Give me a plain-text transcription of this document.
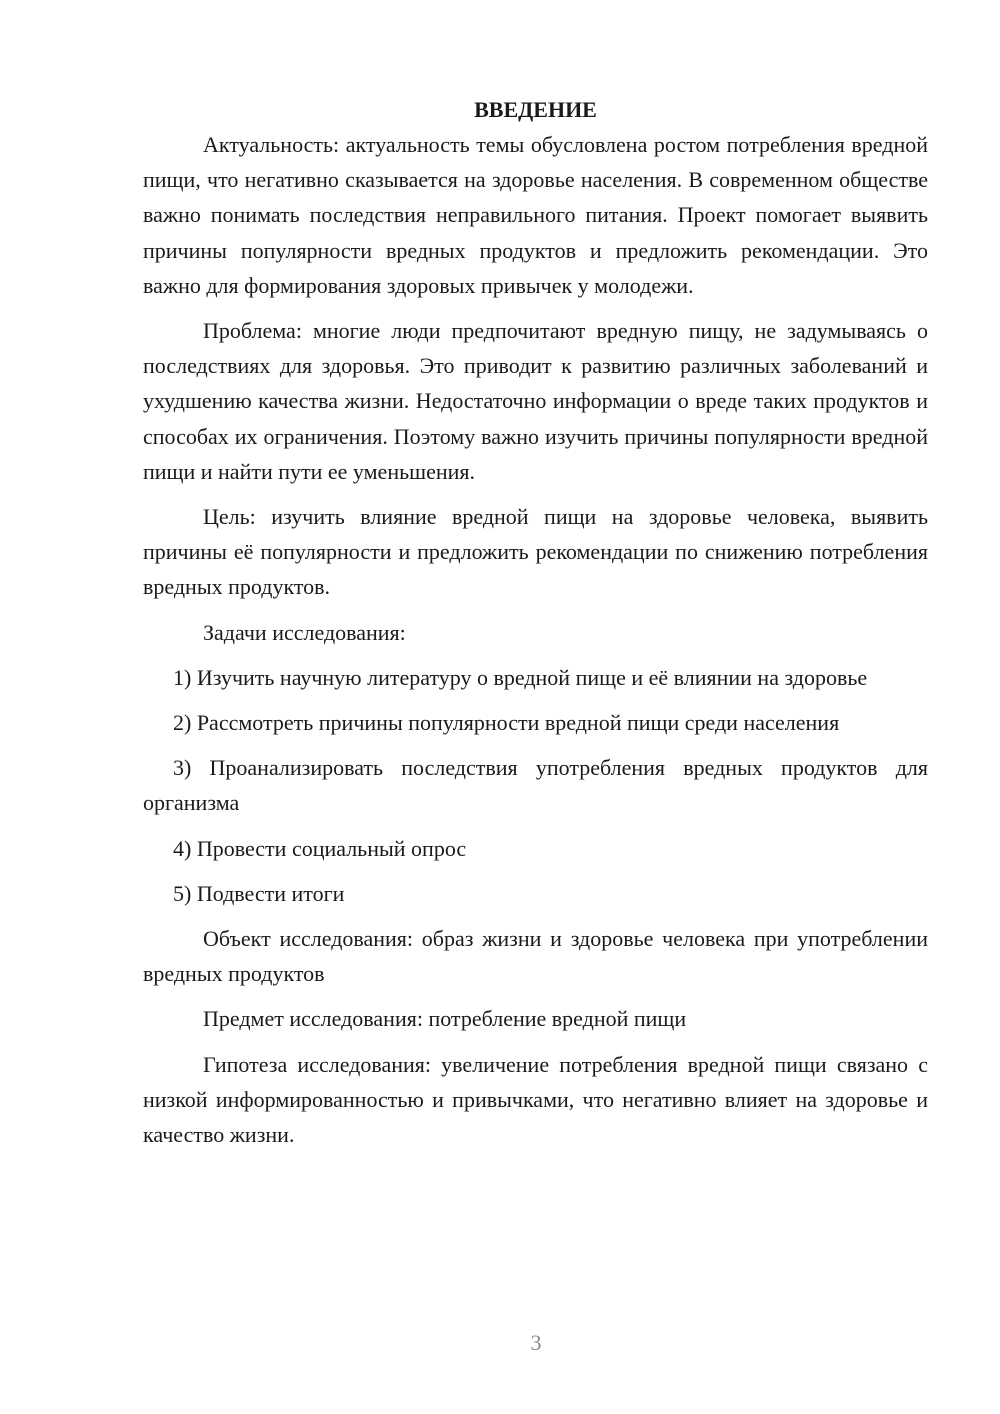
ВВЕДЕНИЕ

Актуальность: актуальность темы обусловлена ростом потребления вредной пищи, что негативно сказывается на здоровье населения. В современном обществе важно понимать последствия неправильного питания. Проект помогает выявить причины популярности вредных продуктов и предложить рекомендации. Это важно для формирования здоровых привычек у молодежи.

Проблема: многие люди предпочитают вредную пищу, не задумываясь о последствиях для здоровья. Это приводит к развитию различных заболеваний и ухудшению качества жизни. Недостаточно информации о вреде таких продуктов и способах их ограничения. Поэтому важно изучить причины популярности вредной пищи и найти пути ее уменьшения.

Цель: изучить влияние вредной пищи на здоровье человека, выявить причины её популярности и предложить рекомендации по снижению потребления вредных продуктов.

Задачи исследования:

1) Изучить научную литературу о вредной пище и её влиянии на здоровье

2) Рассмотреть причины популярности вредной пищи среди населения

3) Проанализировать последствия употребления вредных продуктов для организма

4) Провести социальный опрос

5) Подвести итоги

Объект исследования: образ жизни и здоровье человека при употреблении вредных продуктов

Предмет исследования: потребление вредной пищи

Гипотеза исследования: увеличение потребления вредной пищи связано с низкой информированностью и привычками, что негативно влияет на здоровье и качество жизни.

3
